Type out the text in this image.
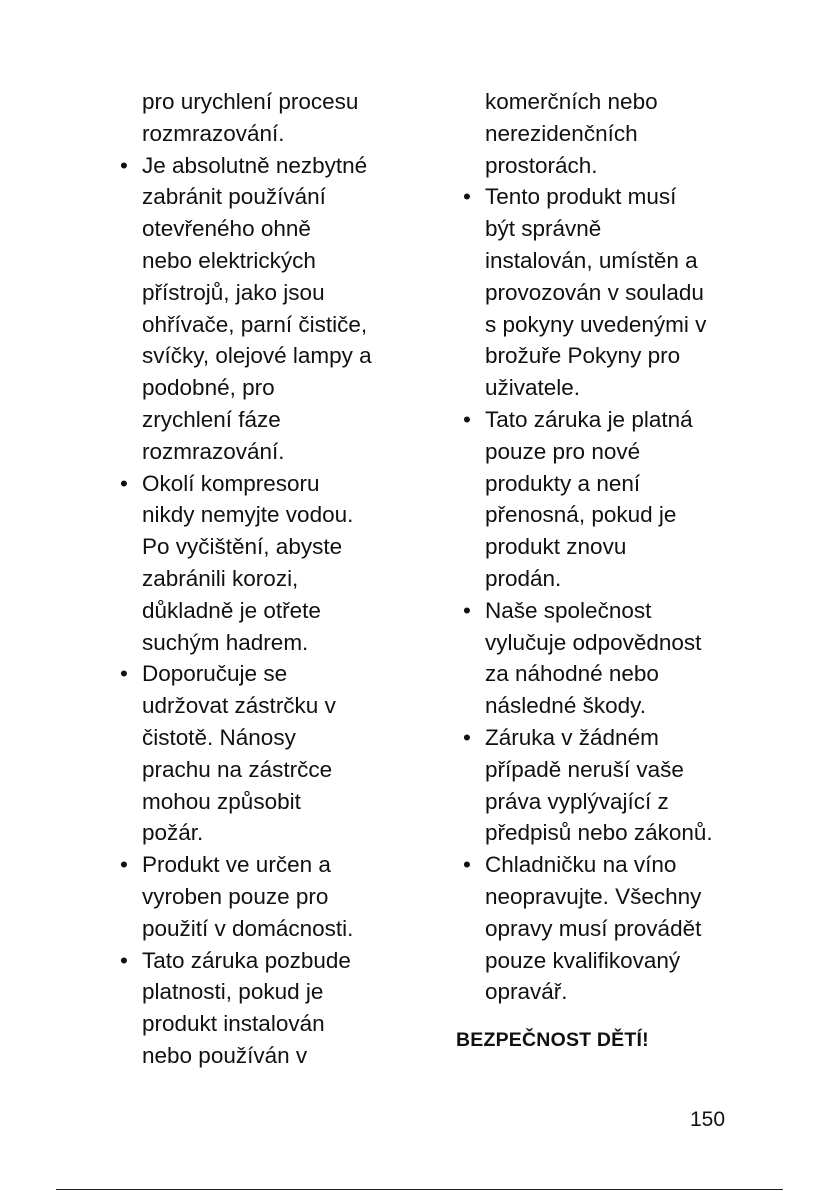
pro urychlení procesu
rozmrazování.
• Je absolutně nezbytné
zabránit používání
otevřeného ohně
nebo elektrických
přístrojů, jako jsou
ohřívače, parní čističe,
svíčky, olejové lampy a
podobné, pro
zrychlení fáze
rozmrazování.
• Okolí kompresoru
nikdy nemyjte vodou.
Po vyčištění, abyste
zabránili korozi,
důkladně je otřete
suchým hadrem.
• Doporučuje se
udržovat zástrčku v
čistotě. Nánosy
prachu na zástrčce
mohou způsobit
požár.
• Produkt ve určen a
vyroben pouze pro
použití v domácnosti.
• Tato záruka pozbude
platnosti, pokud je
produkt instalován
nebo používán v
komerčních nebo
nerezidenčních
prostorách.
• Tento produkt musí
být správně
instalován, umístěn a
provozován v souladu
s pokyny uvedenými v
brožuře Pokyny pro
uživatele.
• Tato záruka je platná
pouze pro nové
produkty a není
přenosná, pokud je
produkt znovu
prodán.
• Naše společnost
vylučuje odpovědnost
za náhodné nebo
následné škody.
• Záruka v žádném
případě neruší vaše
práva vyplývající z
předpisů nebo zákonů.
• Chladničku na víno
neopravujte. Všechny
opravy musí provádět
pouze kvalifikovaný
opravář.
BEZPEČNOST DĚTÍ!
150
